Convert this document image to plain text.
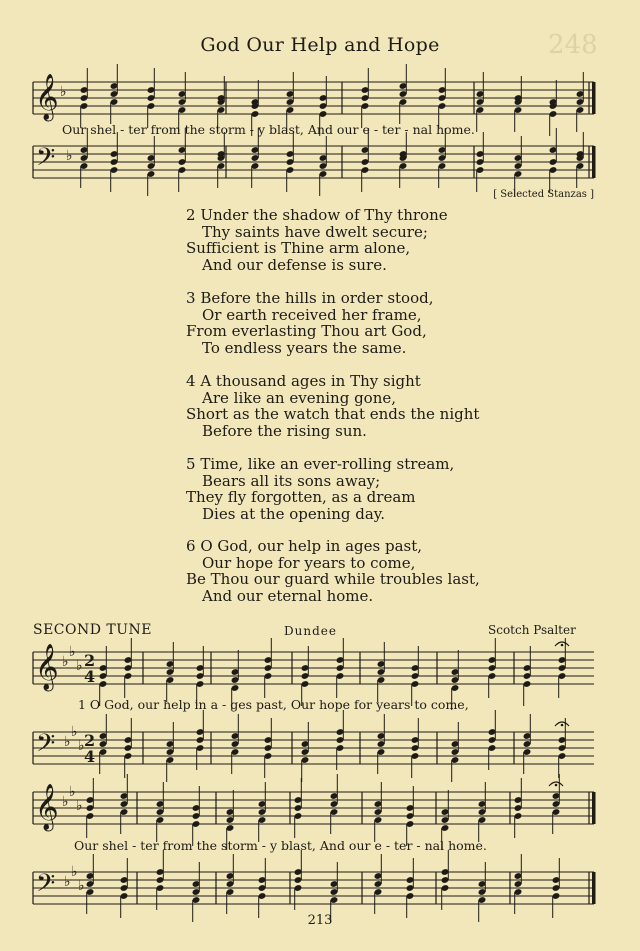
God Our Help and Hope	248
𝄞 ♭
𝄢 ♭
𝄞 ♭
♭
♭ 2
4
𝄢 ♭
♭
♭ 2
4
𝄞 ♭
♭
♭
𝄢 ♭
♭
♭
Our shel - ter from the storm - y blast, And our e - ter - nal home.
[ Selected Stanzas ]
2 Under the shadow of Thy throne
Thy saints have dwelt secure;
Sufficient is Thine arm alone,
And our defense is sure.
3 Before the hills in order stood,
Or earth received her frame,
From everlasting Thou art God,
To endless years the same.
4 A thousand ages in Thy sight
Are like an evening gone,
Short as the watch that ends the night
Before the rising sun.
5 Time, like an ever-rolling stream,
Bears all its sons away;
They fly forgotten, as a dream
Dies at the opening day.
6 O God, our help in ages past,
Our hope for years to come,
Be Thou our guard while troubles last,
And our eternal home.
SECOND TUNE	Dundee	Scotch Psalter
1 O God, our help in a - ges past, Our hope for years to come,
Our shel - ter from the storm - y blast, And our e - ter - nal home.
213
